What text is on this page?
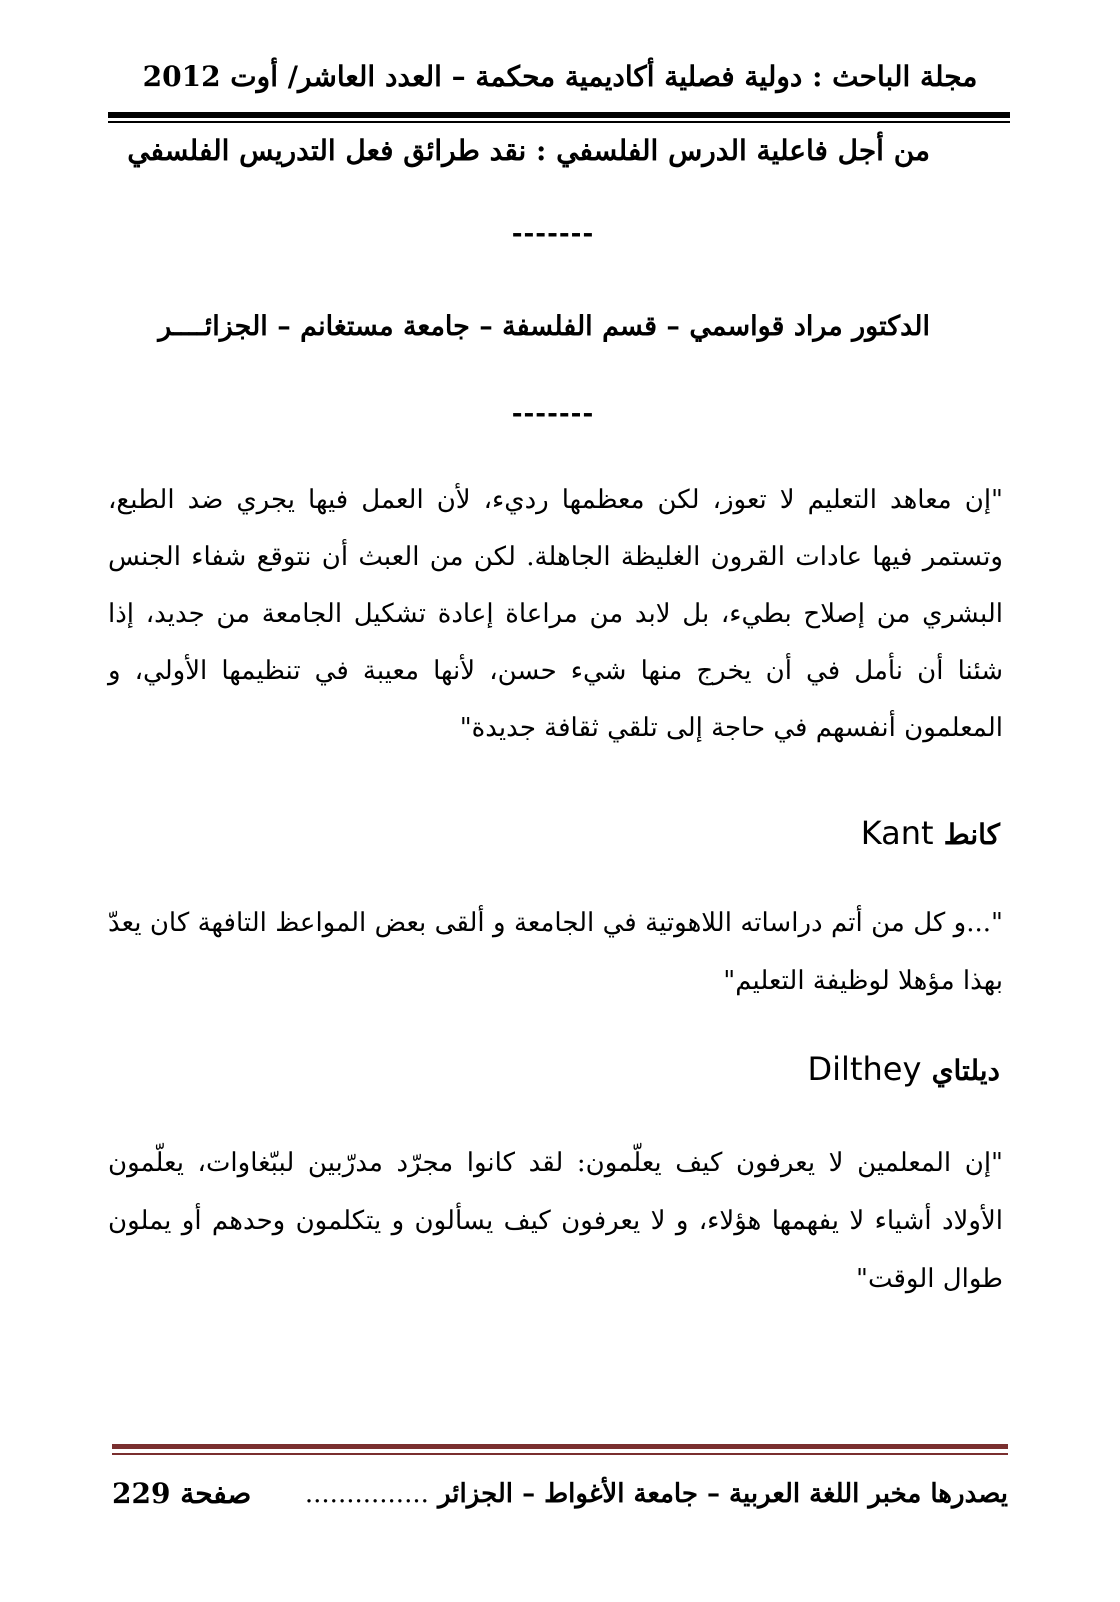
مجلة الباحث : دولية فصلية أكاديمية محكمة – العدد العاشر/ أوت 2012
من أجل فاعلية الدرس الفلسفي : نقد طرائق فعل التدريس الفلسفي
-------
الدكتور مراد قواسمي – قسم الفلسفة – جامعة مستغانم – الجزائــــر
-------
"إن معاهد التعليم لا تعوز، لكن معظمها رديء، لأن العمل فيها يجري ضد الطبع، وتستمر فيها عادات القرون الغليظة الجاهلة. لكن من العبث أن نتوقع شفاء الجنس البشري من إصلاح بطيء، بل لابد من مراعاة إعادة تشكيل الجامعة من جديد، إذا شئنا أن نأمل في أن يخرج منها شيء حسن، لأنها معيبة في تنظيمها الأولي، و المعلمون أنفسهم في حاجة إلى تلقي ثقافة جديدة"
كانط Kant
"...و كل من أتم دراساته اللاهوتية في الجامعة و ألقى بعض المواعظ التافهة كان يعدّ بهذا مؤهلا لوظيفة التعليم"
ديلتاي Dilthey
"إن المعلمين لا يعرفون كيف يعلّمون: لقد كانوا مجرّد مدرّبين لببّغاوات، يعلّمون الأولاد أشياء لا يفهمها هؤلاء، و لا يعرفون كيف يسألون و يتكلمون وحدهم أو يملون طوال الوقت"
يصدرها مخبر اللغة العربية – جامعة الأغواط – الجزائر ...............
صفحة 229
